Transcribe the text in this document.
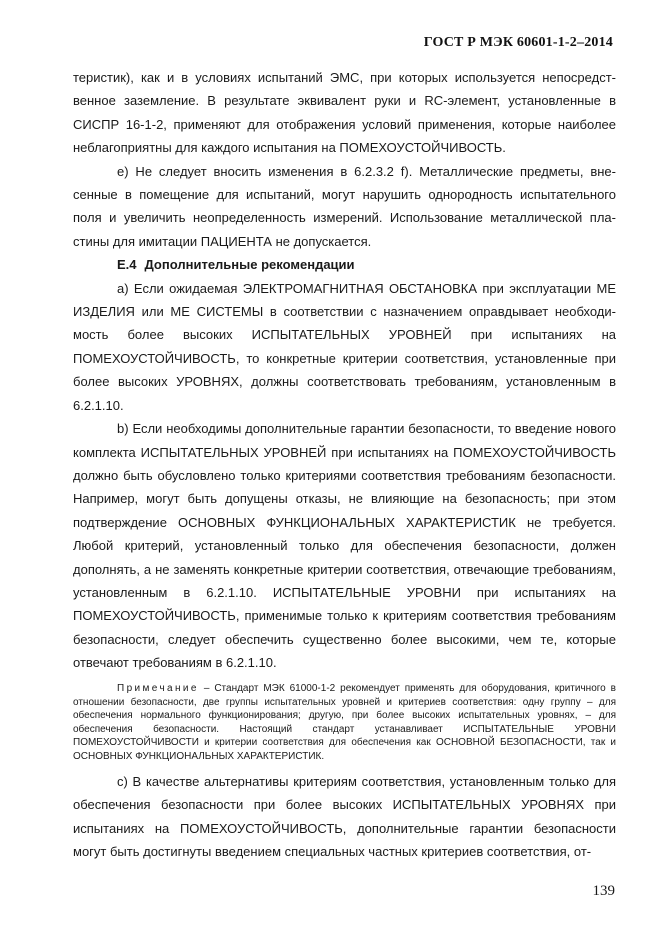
ГОСТ Р МЭК 60601-1-2–2014

теристик), как и в условиях испытаний ЭМС, при которых используется непосредственное заземление. В результате эквивалент руки и RC-элемент, установленные в СИСПР 16-1-2, применяют для отображения условий применения, которые наиболее неблагоприятны для каждого испытания на ПОМЕХОУСТОЙЧИВОСТЬ.

e) Не следует вносить изменения в 6.2.3.2 f). Металлические предметы, внесенные в помещение для испытаний, могут нарушить однородность испытательного поля и увеличить неопределенность измерений. Использование металлической пластины для имитации ПАЦИЕНТА не допускается.

Е.4 Дополнительные рекомендации

a) Если ожидаемая ЭЛЕКТРОМАГНИТНАЯ ОБСТАНОВКА при эксплуатации МЕ ИЗДЕЛИЯ или МЕ СИСТЕМЫ в соответствии с назначением оправдывает необходимость более высоких ИСПЫТАТЕЛЬНЫХ УРОВНЕЙ при испытаниях на ПОМЕХОУСТОЙЧИВОСТЬ, то конкретные критерии соответствия, установленные при более высоких УРОВНЯХ, должны соответствовать требованиям, установленным в 6.2.1.10.

b) Если необходимы дополнительные гарантии безопасности, то введение нового комплекта ИСПЫТАТЕЛЬНЫХ УРОВНЕЙ при испытаниях на ПОМЕХОУСТОЙЧИВОСТЬ должно быть обусловлено только критериями соответствия требованиям безопасности. Например, могут быть допущены отказы, не влияющие на безопасность; при этом подтверждение ОСНОВНЫХ ФУНКЦИОНАЛЬНЫХ ХАРАКТЕРИСТИК не требуется. Любой критерий, установленный только для обеспечения безопасности, должен дополнять, а не заменять конкретные критерии соответствия, отвечающие требованиям, установленным в 6.2.1.10. ИСПЫТАТЕЛЬНЫЕ УРОВНИ при испытаниях на ПОМЕХОУСТОЙЧИВОСТЬ, применимые только к критериям соответствия требованиям безопасности, следует обеспечить существенно более высокими, чем те, которые отвечают требованиям в 6.2.1.10.

Примечание – Стандарт МЭК 61000-1-2 рекомендует применять для оборудования, критичного в отношении безопасности, две группы испытательных уровней и критериев соответствия: одну группу – для обеспечения нормального функционирования; другую, при более высоких испытательных уровнях, – для обеспечения безопасности. Настоящий стандарт устанавливает ИСПЫТАТЕЛЬНЫЕ УРОВНИ ПОМЕХОУСТОЙЧИВОСТИ и критерии соответствия для обеспечения как ОСНОВНОЙ БЕЗОПАСНОСТИ, так и ОСНОВНЫХ ФУНКЦИОНАЛЬНЫХ ХАРАКТЕРИСТИК.

c) В качестве альтернативы критериям соответствия, установленным только для обеспечения безопасности при более высоких ИСПЫТАТЕЛЬНЫХ УРОВНЯХ при испытаниях на ПОМЕХОУСТОЙЧИВОСТЬ, дополнительные гарантии безопасности могут быть достигнуты введением специальных частных критериев соответствия, от-

139
